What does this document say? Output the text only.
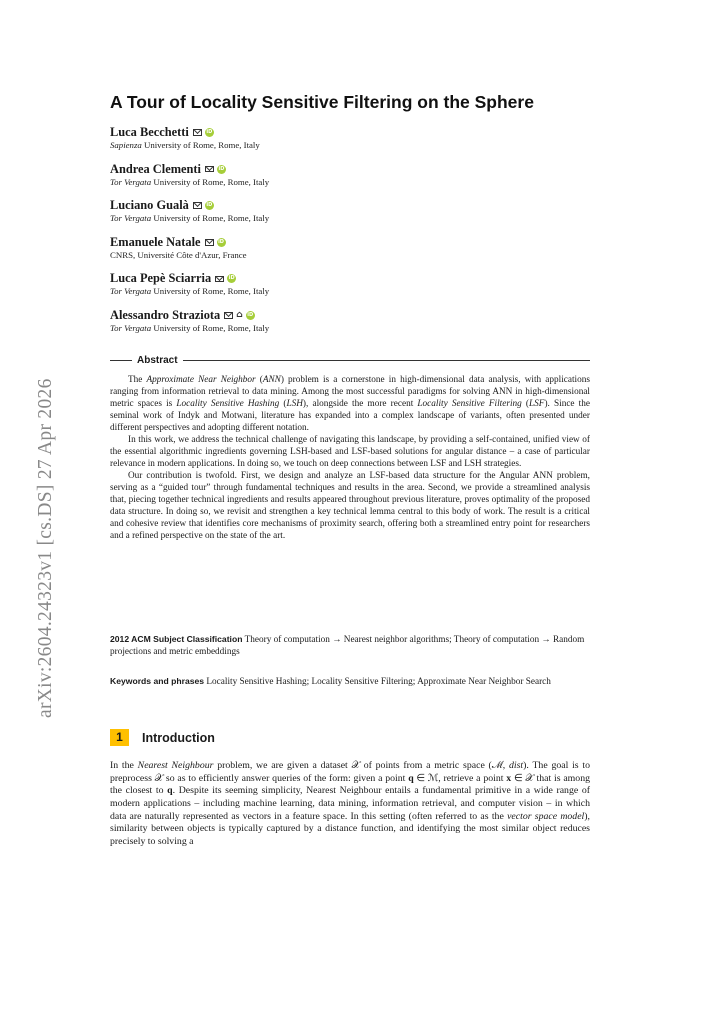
arXiv:2604.24323v1 [cs.DS] 27 Apr 2026
A Tour of Locality Sensitive Filtering on the Sphere
Luca Becchetti	iD
Sapienza University of Rome, Rome, Italy
Andrea Clementi	iD
Tor Vergata University of Rome, Rome, Italy
Luciano Gualà	iD
Tor Vergata University of Rome, Rome, Italy
Emanuele Natale	iD
CNRS, Université Côte d'Azur, France
Luca Pepè Sciarria	iD
Tor Vergata University of Rome, Rome, Italy
Alessandro Straziota ⌂ iD
Tor Vergata University of Rome, Rome, Italy
Abstract

The Approximate Near Neighbor (ANN) problem is a cornerstone in high-dimensional data analysis, with applications ranging from information retrieval to data mining. Among the most successful paradigms for solving ANN in high-dimensional metric spaces is Locality Sensitive Hashing (LSH), alongside the more recent Locality Sensitive Filtering (LSF). Since the seminal work of Indyk and Motwani, literature has expanded into a complex landscape of variants, often presented under different perspectives and adopting different notation.

In this work, we address the technical challenge of navigating this landscape, by providing a self-contained, unified view of the essential algorithmic ingredients governing LSH-based and LSF-based solutions for angular distance – a case of particular relevance in modern applications. In doing so, we touch on deep connections between LSF and LSH strategies.

Our contribution is twofold. First, we design and analyze an LSF-based data structure for the Angular ANN problem, serving as a “guided tour” through fundamental techniques and results in the area. Second, we provide a streamlined analysis that, piecing together technical ingredients and results appeared throughout previous literature, proves optimality of the proposed data structure. In doing so, we revisit and strengthen a key technical lemma central to this body of work. The result is a critical and cohesive review that identifies core mechanisms of proximity search, offering both a streamlined entry point for researchers and a refined perspective on the state of the art.

2012 ACM Subject Classification Theory of computation → Nearest neighbor algorithms; Theory of computation → Random projections and metric embeddings
Keywords and phrases Locality Sensitive Hashing; Locality Sensitive Filtering; Approximate Near Neighbor Search
1	Introduction

In the Nearest Neighbour problem, we are given a dataset 𝒳 of points from a metric space (ℳ, dist). The goal is to preprocess 𝒳 so as to efficiently answer queries of the form: given a point q ∈ ℳ, retrieve a point x ∈ 𝒳 that is among the closest to q. Despite its seeming simplicity, Nearest Neighbour entails a fundamental primitive in a wide range of modern applications – including machine learning, data mining, information retrieval, and computer vision – in which data are naturally represented as vectors in a feature space. In this setting (often referred to as the vector space model), similarity between objects is typically captured by a distance function, and identifying the most similar object reduces precisely to solving a
